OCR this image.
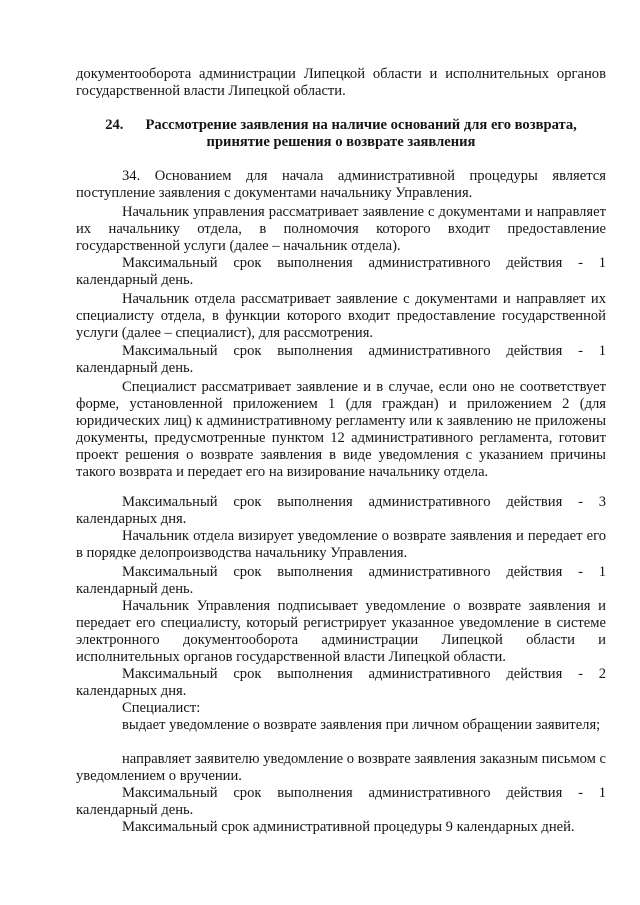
документооборота администрации Липецкой области и исполнительных органов государственной власти Липецкой области.

24. Рассмотрение заявления на наличие оснований для его возврата,
принятие решения о возврате заявления

34. Основанием для начала административной процедуры является поступление заявления с документами начальнику Управления.

Начальник управления рассматривает заявление с документами и направляет их начальнику отдела, в полномочия которого входит предоставление государственной услуги (далее – начальник отдела).

Максимальный срок выполнения административного действия - 1 календарный день.

Начальник отдела рассматривает заявление с документами и направляет их специалисту отдела, в функции которого входит предоставление государственной услуги (далее – специалист), для рассмотрения.

Максимальный срок выполнения административного действия - 1 календарный день.

Специалист рассматривает заявление и в случае, если оно не соответствует форме, установленной приложением 1 (для граждан) и приложением 2 (для юридических лиц) к административному регламенту или к заявлению не приложены документы, предусмотренные пунктом 12 административного регламента, готовит проект решения о возврате заявления в виде уведомления с указанием причины такого возврата и передает его на визирование начальнику отдела.

Максимальный срок выполнения административного действия - 3 календарных дня.

Начальник отдела визирует уведомление о возврате заявления и передает его в порядке делопроизводства начальнику Управления.

Максимальный срок выполнения административного действия - 1 календарный день.

Начальник Управления подписывает уведомление о возврате заявления и передает его специалисту, который регистрирует указанное уведомление в системе электронного документооборота администрации Липецкой области и исполнительных органов государственной власти Липецкой области.

Максимальный срок выполнения административного действия - 2 календарных дня.

Специалист:

выдает уведомление о возврате заявления при личном обращении заявителя;

направляет заявителю уведомление о возврате заявления заказным письмом с уведомлением о вручении.

Максимальный срок выполнения административного действия - 1 календарный день.

Максимальный срок административной процедуры 9 календарных дней.
